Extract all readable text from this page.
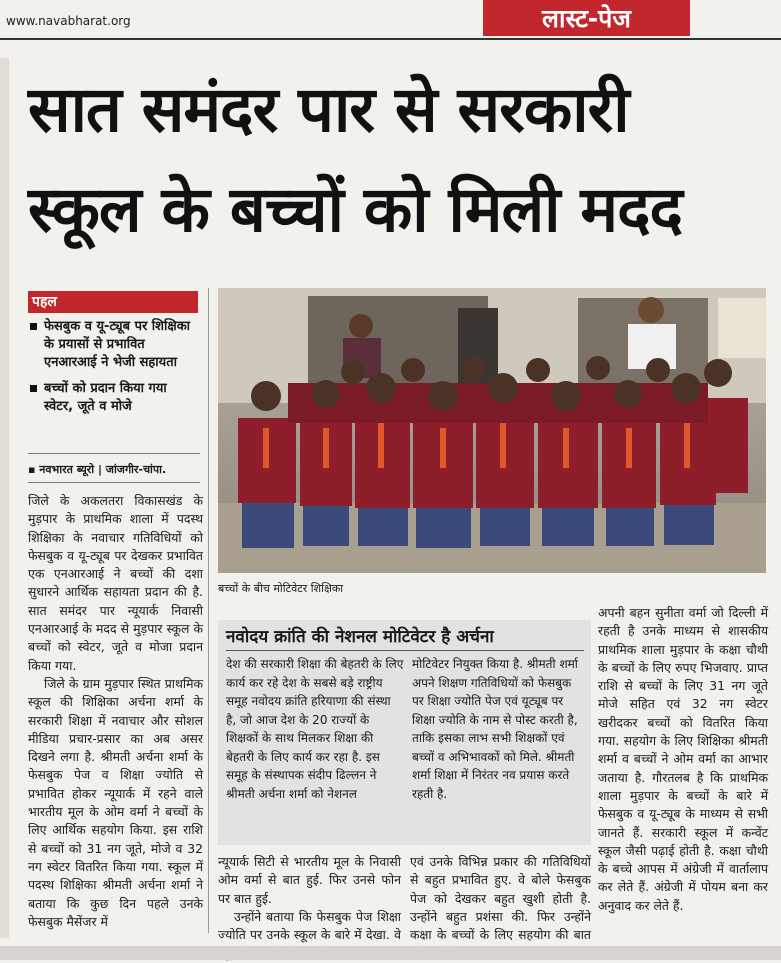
www.navabharat.org	लास्ट-पेज
सात समंदर पार से सरकारी
स्कूल के बच्चों को मिली मदद
पहल
फेसबुक व यू-ट्यूब पर शिक्षिका के प्रयासों से प्रभावित एनआरआई ने भेजी सहायता
बच्चों को प्रदान किया गया स्वेटर, जूते व मोजे
▪ नवभारत ब्यूरो | जांजगीर-चांपा.

जिले के अकलतरा विकासखंड के मुड़पार के प्राथमिक शाला में पदस्थ शिक्षिका के नवाचार गतिविधियों को फेसबुक व यू-ट्यूब पर देखकर प्रभावित एक एनआरआई ने बच्चों की दशा सुधारने आर्थिक सहायता प्रदान की है. सात समंदर पार न्यूयार्क निवासी एनआरआई के मदद से मुड़पार स्कूल के बच्चों को स्वेटर, जूते व मोजा प्रदान किया गया.

जिले के ग्राम मुड़पार स्थित प्राथमिक स्कूल की शिक्षिका अर्चना शर्मा के सरकारी शिक्षा में नवाचार और सोशल मीडिया प्रचार-प्रसार का अब असर दिखने लगा है. श्रीमती अर्चना शर्मा के फेसबुक पेज व शिक्षा ज्योति से प्रभावित होकर न्यूयार्क में रहने वाले भारतीय मूल के ओम वर्मा ने बच्चों के लिए आर्थिक सहयोग किया. इस राशि से बच्चों को 31 नग जूते, मोजे व 32 नग स्वेटर वितरित किया गया. स्कूल में पदस्थ शिक्षिका श्रीमती अर्चना शर्मा ने बताया कि कुछ दिन पहले उनके फेसबुक मैसेंजर में

बच्चों के बीच मोटिवेटर शिक्षिका
नवोदय क्रांति की नेशनल मोटिवेटर है अर्चना

देश की सरकारी शिक्षा की बेहतरी के लिए कार्य कर रहे देश के सबसे बड़े राष्ट्रीय समूह नवोदय क्रांति हरियाणा की संस्था है, जो आज देश के 20 राज्यों के शिक्षकों के साथ मिलकर शिक्षा की बेहतरी के लिए कार्य कर रहा है. इस समूह के संस्थापक संदीप ढिल्लन ने श्रीमती अर्चना शर्मा को नेशनल

मोटिवेटर नियुक्त किया है. श्रीमती शर्मा अपने शिक्षण गतिविधियों को फेसबुक पर शिक्षा ज्योति पेज एवं यूट्यूब पर शिक्षा ज्योति के नाम से पोस्ट करती है, ताकि इसका लाभ सभी शिक्षकों एवं बच्चों व अभिभावकों को मिले. श्रीमती शर्मा शिक्षा में निरंतर नव प्रयास करते रहती है.

न्यूयार्क सिटी से भारतीय मूल के निवासी ओम वर्मा से बात हुई. फिर उनसे फोन पर बात हुई.

उन्होंने बताया कि फेसबुक पेज शिक्षा ज्योति पर उनके स्कूल के बारे में देखा. वे

एवं उनके विभिन्न प्रकार की गतिविधियों से बहुत प्रभावित हुए. वे बोले फेसबुक पेज को देखकर बहुत खुशी होती है. उन्होंने बहुत प्रशंसा की. फिर उन्होंने कक्षा के बच्चों के लिए सहयोग की बात

अपनी बहन सुनीता वर्मा जो दिल्ली में रहती है उनके माध्यम से शासकीय प्राथमिक शाला मुड़पार के कक्षा चौथी के बच्चों के लिए रुपए भिजवाए. प्राप्त राशि से बच्चों के लिए 31 नग जूते मोजे सहित एवं 32 नग स्वेटर खरीदकर बच्चों को वितरित किया गया. सहयोग के लिए शिक्षिका श्रीमती शर्मा व बच्चों ने ओम वर्मा का आभार जताया है. गौरतलब है कि प्राथमिक शाला मुड़पार के बच्चों के बारे में फेसबुक व यू-ट्यूब के माध्यम से सभी जानते हैं. सरकारी स्कूल में कन्वेंट स्कूल जैसी पढ़ाई होती है. कक्षा चौथी के बच्चे आपस में अंग्रेजी में वार्तालाप कर लेते हैं. अंग्रेजी में पोयम बना कर अनुवाद कर लेते हैं.
